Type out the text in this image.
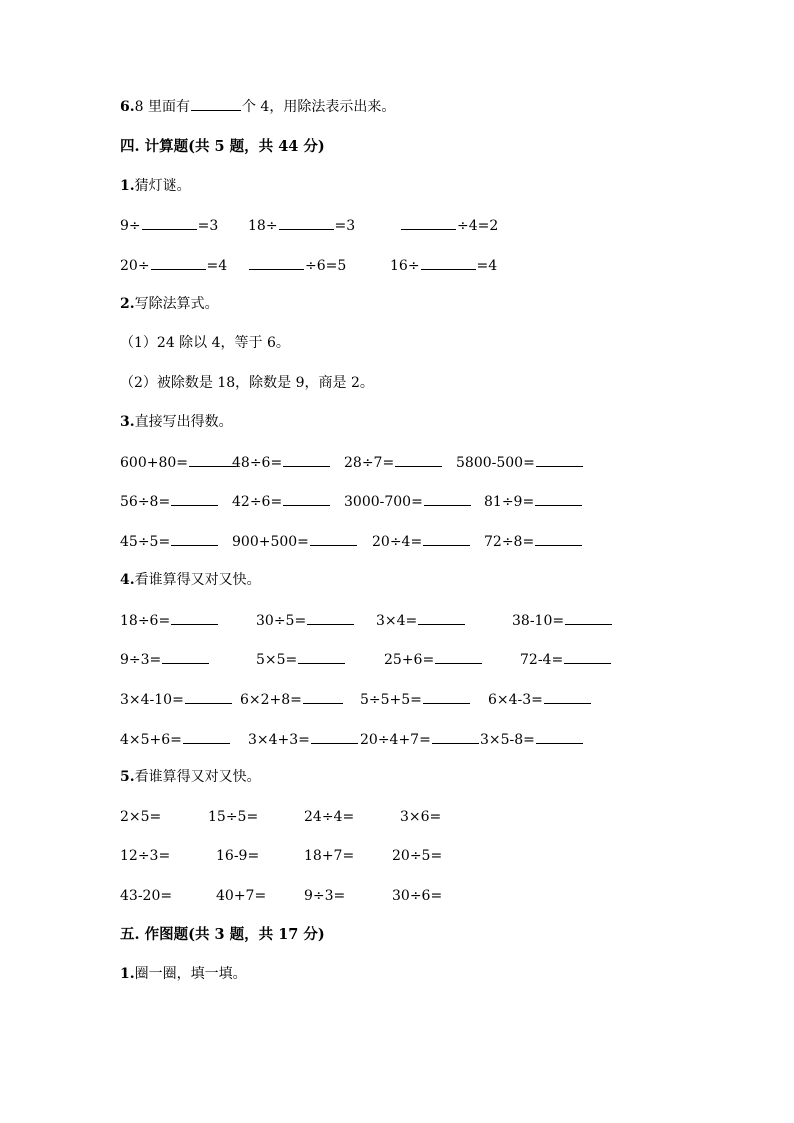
6.8 里面有	个 4，用除法表示出来。
四. 计算题(共 5 题，共 44 分)
1.猜灯谜。
9÷	=3 18÷	=3	÷4=2
20÷	=4	÷6=5	16÷	=4
2.写除法算式。
（1）24 除以 4，等于 6。
（2）被除数是 18，除数是 9，商是 2。
3.直接写出得数。
600+80=	48÷6=	28÷7=	5800-500=
56÷8=	42÷6=	3000-700=	81÷9=
45÷5=	900+500=	20÷4=	72÷8=
4.看谁算得又对又快。
18÷6=	30÷5=	3×4=	38-10=
9÷3=	5×5=	25+6=	72-4=
3×4-10=	6×2+8=	5÷5+5=	6×4-3=
4×5+6=	3×4+3=	20÷4+7=	3×5-8=
5.看谁算得又对又快。
2×5=	15÷5=	24÷4=	3×6=
12÷3=	16-9=	18+7=	20÷5=
43-20=	40+7=	9÷3=	30÷6=
五. 作图题(共 3 题，共 17 分)
1.圈一圈，填一填。
